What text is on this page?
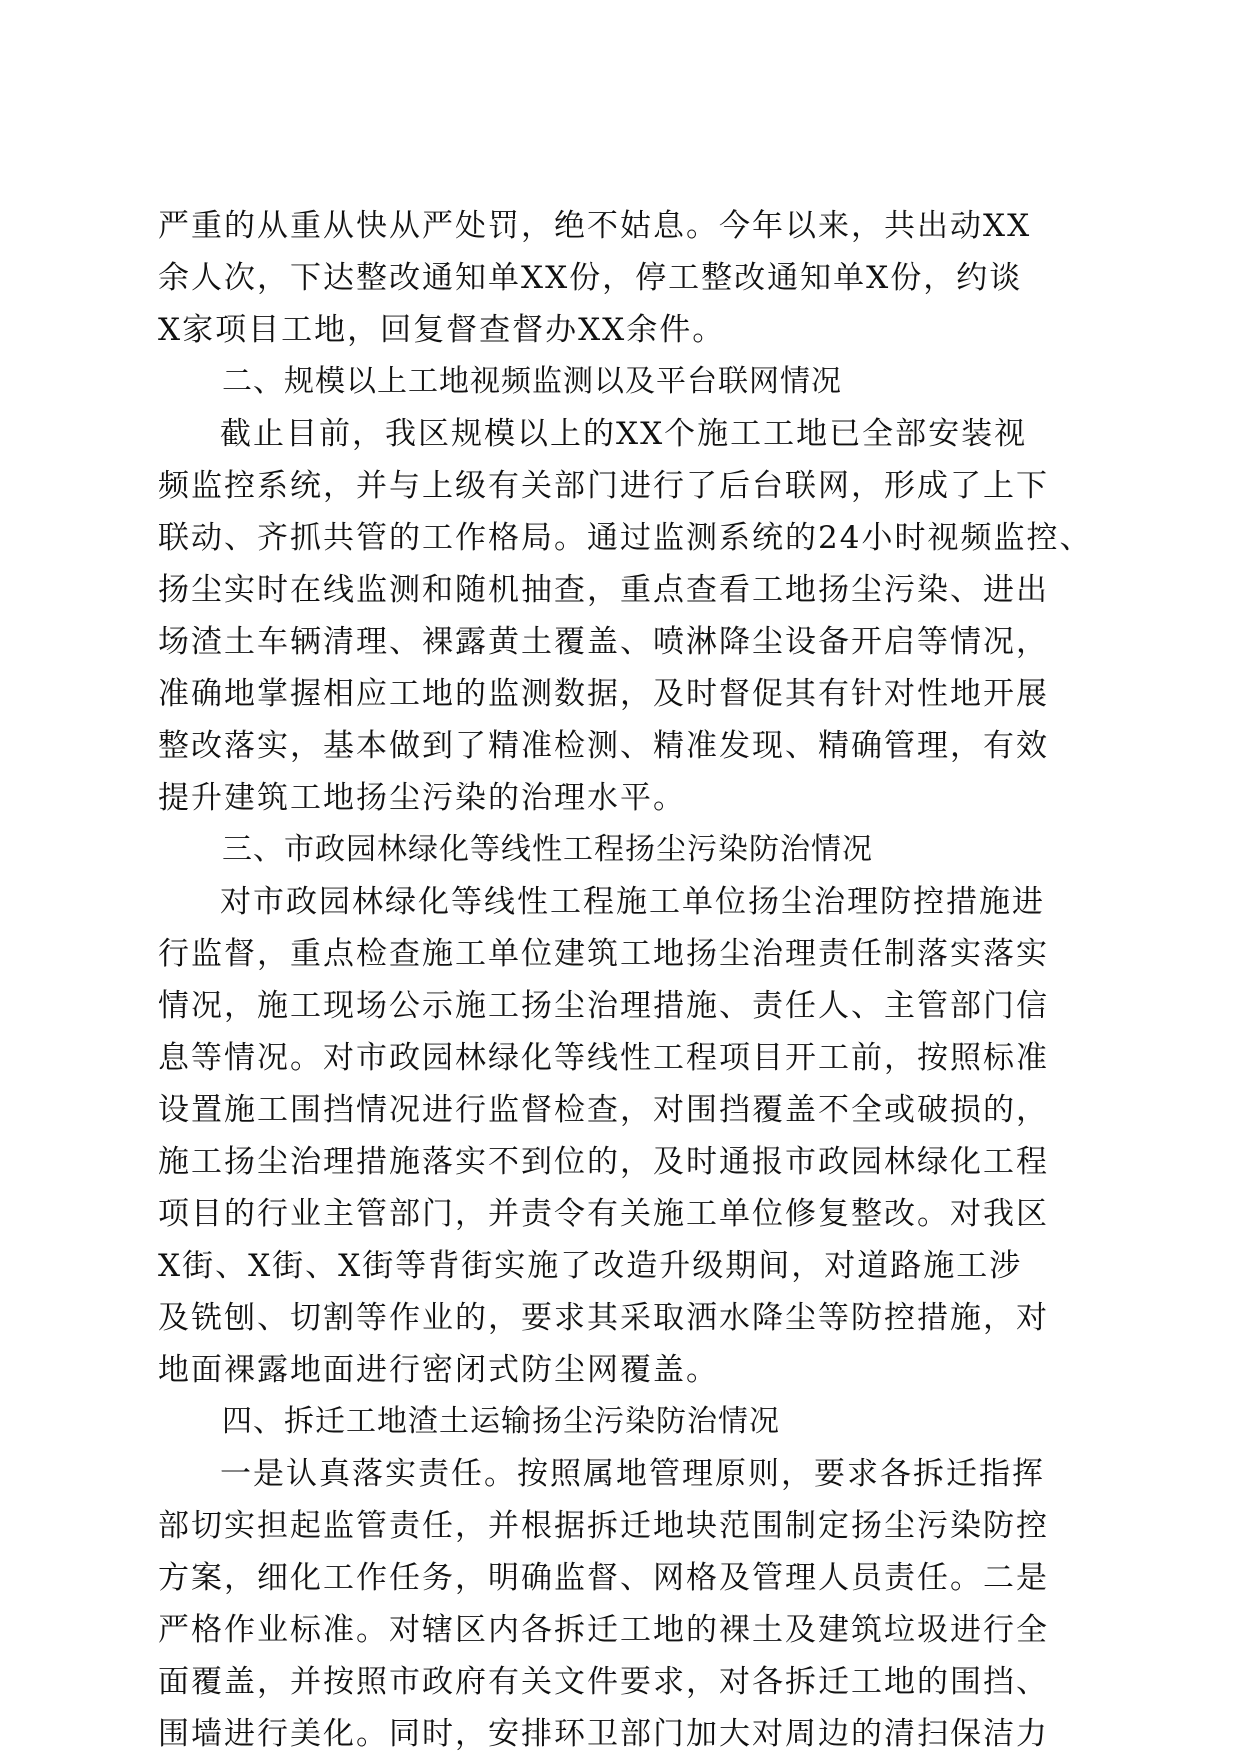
严重的从重从快从严处罚，绝不姑息。今年以来，共出动XX
余人次，下达整改通知单XX份，停工整改通知单X份，约谈
X家项目工地，回复督查督办XX余件。
二、规模以上工地视频监测以及平台联网情况
截止目前，我区规模以上的XX个施工工地已全部安装视
频监控系统，并与上级有关部门进行了后台联网，形成了上下
联动、齐抓共管的工作格局。通过监测系统的24小时视频监控、
扬尘实时在线监测和随机抽查，重点查看工地扬尘污染、进出
场渣土车辆清理、裸露黄土覆盖、喷淋降尘设备开启等情况，
准确地掌握相应工地的监测数据，及时督促其有针对性地开展
整改落实，基本做到了精准检测、精准发现、精确管理，有效
提升建筑工地扬尘污染的治理水平。
三、市政园林绿化等线性工程扬尘污染防治情况
对市政园林绿化等线性工程施工单位扬尘治理防控措施进
行监督，重点检查施工单位建筑工地扬尘治理责任制落实落实
情况，施工现场公示施工扬尘治理措施、责任人、主管部门信
息等情况。对市政园林绿化等线性工程项目开工前，按照标准
设置施工围挡情况进行监督检查，对围挡覆盖不全或破损的，
施工扬尘治理措施落实不到位的，及时通报市政园林绿化工程
项目的行业主管部门，并责令有关施工单位修复整改。对我区
X街、X街、X街等背街实施了改造升级期间，对道路施工涉
及铣刨、切割等作业的，要求其采取洒水降尘等防控措施，对
地面裸露地面进行密闭式防尘网覆盖。
四、拆迁工地渣土运输扬尘污染防治情况
一是认真落实责任。按照属地管理原则，要求各拆迁指挥
部切实担起监管责任，并根据拆迁地块范围制定扬尘污染防控
方案，细化工作任务，明确监督、网格及管理人员责任。二是
严格作业标准。对辖区内各拆迁工地的裸土及建筑垃圾进行全
面覆盖，并按照市政府有关文件要求，对各拆迁工地的围挡、
围墙进行美化。同时，安排环卫部门加大对周边的清扫保洁力
